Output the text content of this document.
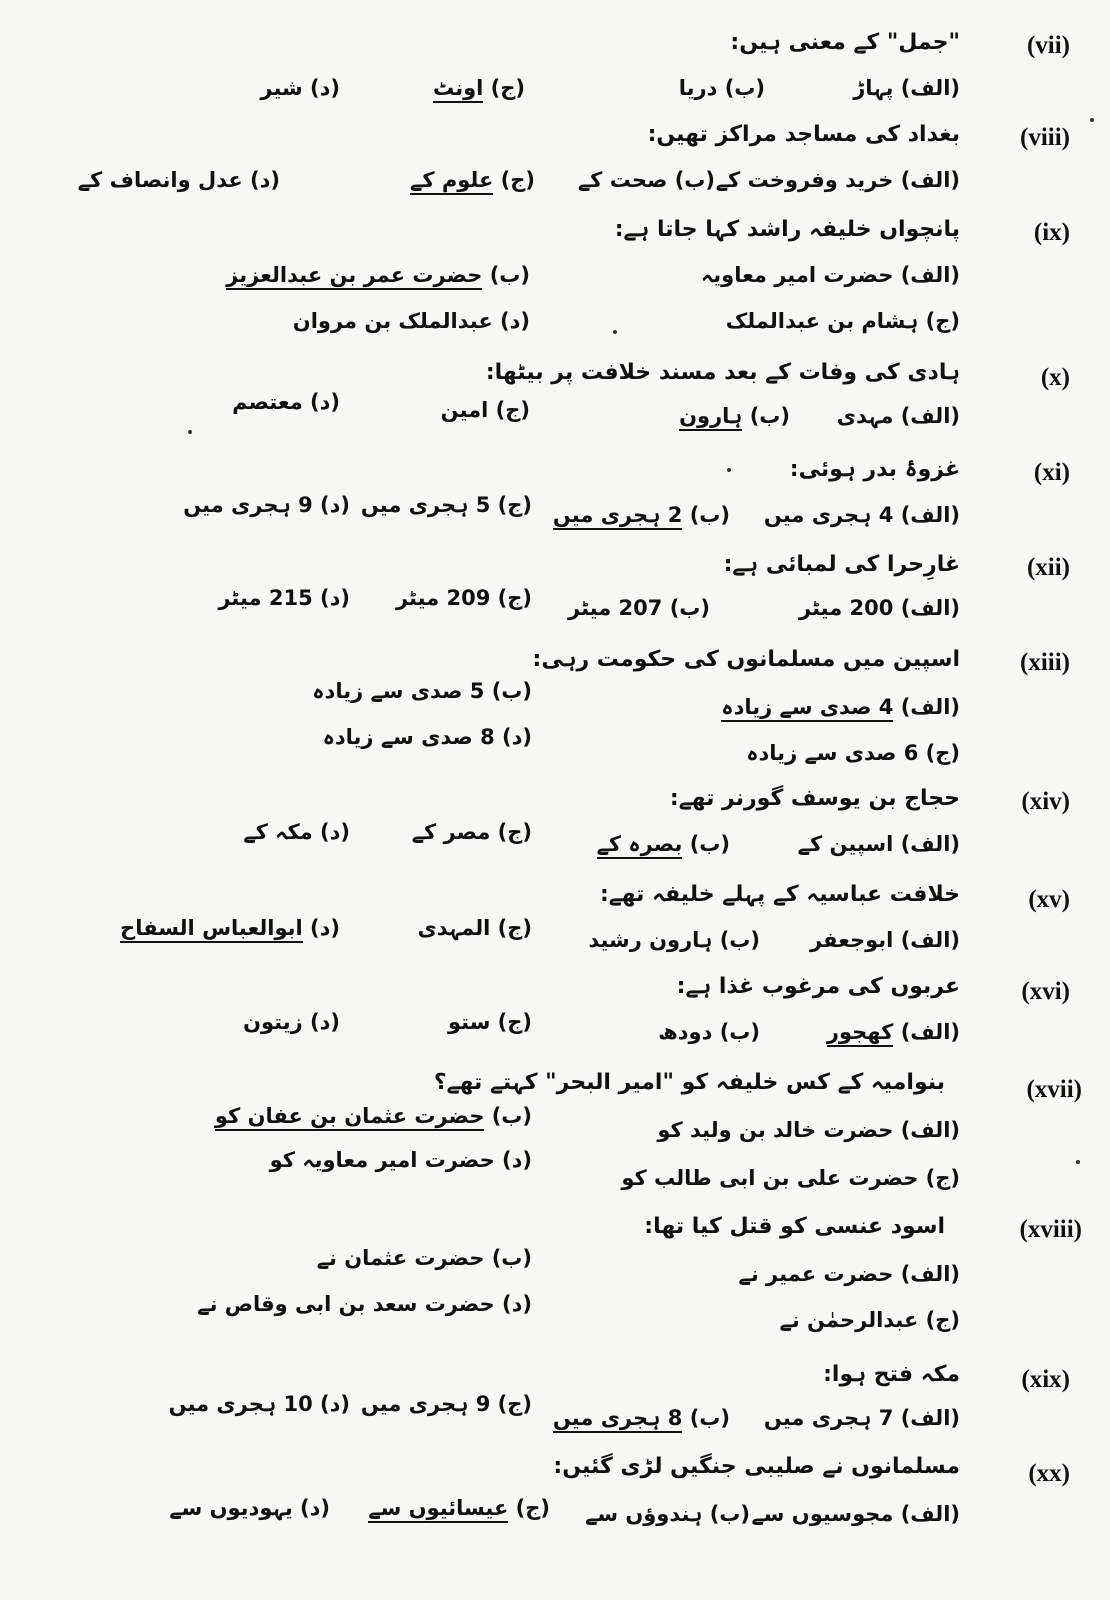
(vii)
"جمل" کے معنی ہیں:
(الف) پہاڑ
(ب) دریا
(ج) اونٹ
(د) شیر
(viii)
بغداد کی مساجد مراکز تھیں:
(الف) خرید وفروخت کے
(ب) صحت کے
(ج) علوم کے
(د) عدل وانصاف کے
(ix)
پانچواں خلیفہ راشد کہا جاتا ہے:
(الف) حضرت امیر معاویہ
(ب) حضرت عمر بن عبدالعزیز
(ج) ہشام بن عبدالملک
(د) عبدالملک بن مروان
(x)
ہادی کی وفات کے بعد مسند خلافت پر بیٹھا:
(الف) مہدی
(ب) ہارون
(ج) امین
(د) معتصم
(xi)
غزوۂ بدر ہوئی:
(الف) 4 ہجری میں
(ب) 2 ہجری میں
(ج) 5 ہجری میں
(د) 9 ہجری میں
(xii)
غارِحرا کی لمبائی ہے:
(الف) 200 میٹر
(ب) 207 میٹر
(ج) 209 میٹر
(د) 215 میٹر
(xiii)
اسپین میں مسلمانوں کی حکومت رہی:
(الف) 4 صدی سے زیادہ
(ب) 5 صدی سے زیادہ
(ج) 6 صدی سے زیادہ
(د) 8 صدی سے زیادہ
(xiv)
حجاج بن یوسف گورنر تھے:
(الف) اسپین کے
(ب) بصرہ کے
(ج) مصر کے
(د) مکہ کے
(xv)
خلافت عباسیہ کے پہلے خلیفہ تھے:
(الف) ابوجعفر
(ب) ہارون رشید
(ج) المہدی
(د) ابوالعباس السفاح
(xvi)
عربوں کی مرغوب غذا ہے:
(الف) کھجور
(ب) دودھ
(ج) ستو
(د) زیتون
(xvii)
بنوامیہ کے کس خلیفہ کو "امیر البحر" کہتے تھے؟
(الف) حضرت خالد بن ولید کو
(ب) حضرت عثمان بن عفان کو
(ج) حضرت علی بن ابی طالب کو
(د) حضرت امیر معاویہ کو
(xviii)
اسود عنسی کو قتل کیا تھا:
(الف) حضرت عمیر نے
(ب) حضرت عثمان نے
(ج) عبدالرحمٰن نے
(د) حضرت سعد بن ابی وقاص نے
(xix)
مکہ فتح ہوا:
(الف) 7 ہجری میں
(ب) 8 ہجری میں
(ج) 9 ہجری میں
(د) 10 ہجری میں
(xx)
مسلمانوں نے صلیبی جنگیں لڑی گئیں:
(الف) مجوسیوں سے
(ب) ہندوؤں سے
(ج) عیسائیوں سے
(د) یہودیوں سے
